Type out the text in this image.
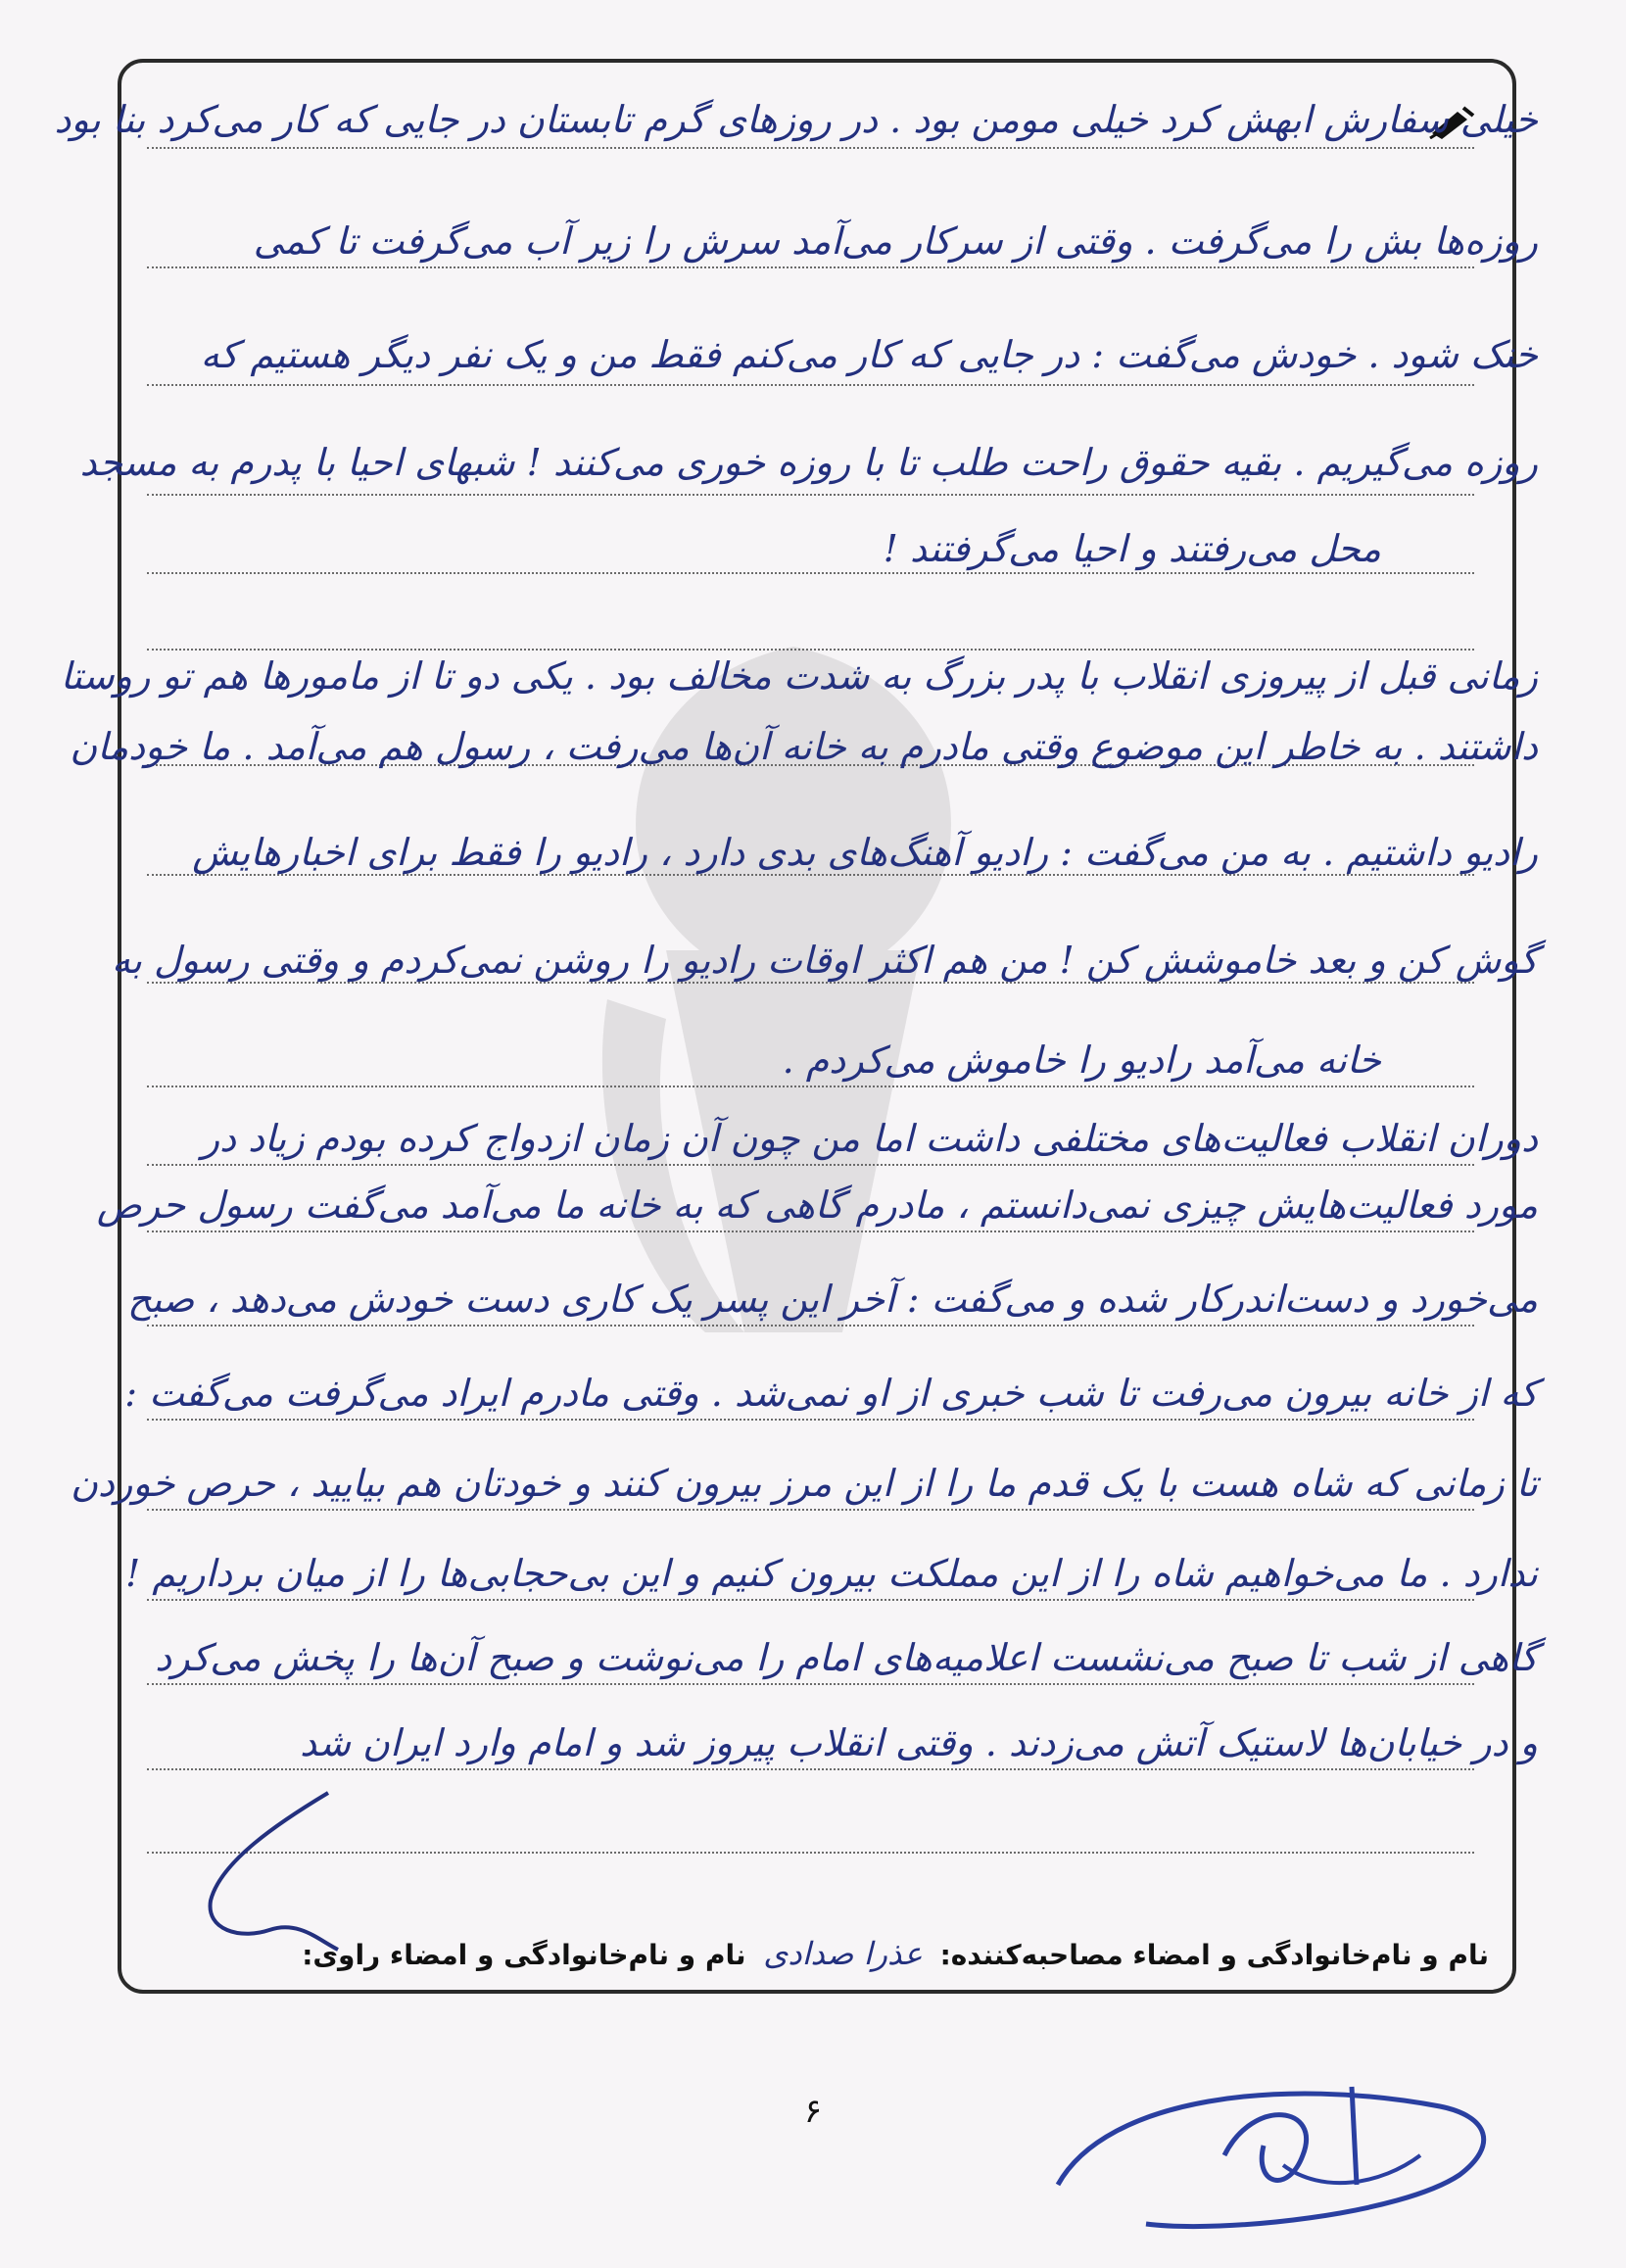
خیلی سفارش ابهش کرد خیلی مومن بود . در روزهای گرم تابستان در جایی که کار می‌کرد بنا بود
روزه‌ها بش را می‌گرفت . وقتی از سرکار می‌آمد سرش را زیر آب می‌گرفت تا کمی
خنک شود . خودش می‌گفت : در جایی که کار می‌کنم فقط من و یک نفر دیگر هستیم که
روزه می‌گیریم . بقیه حقوق راحت طلب تا با روزه خوری می‌کنند ! شبهای احیا با پدرم به مسجد
محل می‌رفتند و احیا می‌گرفتند !
زمانی قبل از پیروزی انقلاب با پدر بزرگ به شدت مخالف بود . یکی دو تا از مامورها هم تو روستا
داشتند . به خاطر این موضوع وقتی مادرم به خانه آن‌ها می‌رفت ، رسول هم می‌آمد . ما خودمان
رادیو داشتیم . به من می‌گفت : رادیو آهنگ‌های بدی دارد ، رادیو را فقط برای اخبارهایش
گوش کن و بعد خاموشش کن ! من هم اکثر اوقات رادیو را روشن نمی‌کردم و وقتی رسول به
خانه می‌آمد رادیو را خاموش می‌کردم .
دوران انقلاب فعالیت‌های مختلفی داشت اما من چون آن زمان ازدواج کرده بودم زیاد در
مورد فعالیت‌هایش چیزی نمی‌دانستم ، مادرم گاهی که به خانه ما می‌آمد می‌گفت رسول حرص
می‌خورد و دست‌اندرکار شده و می‌گفت : آخر این پسر یک کاری دست خودش می‌دهد ، صبح
که از خانه بیرون می‌رفت تا شب خبری از او نمی‌شد . وقتی مادرم ایراد می‌گرفت می‌گفت :
تا زمانی که شاه هست با یک قدم ما را از این مرز بیرون کنند و خودتان هم بیایید ، حرص خوردن
ندارد . ما می‌خواهیم شاه را از این مملکت بیرون کنیم و این بی‌حجابی‌ها را از میان برداریم !
گاهی از شب تا صبح می‌نشست اعلامیه‌های امام را می‌نوشت و صبح آن‌ها را پخش می‌کرد
و در خیابان‌ها لاستیک آتش می‌زدند . وقتی انقلاب پیروز شد و امام وارد ایران شد
نام و نام‌خانوادگی و امضاء مصاحبه‌کننده: عذرا صدادی نام و نام‌خانوادگی و امضاء راوی:
۶
